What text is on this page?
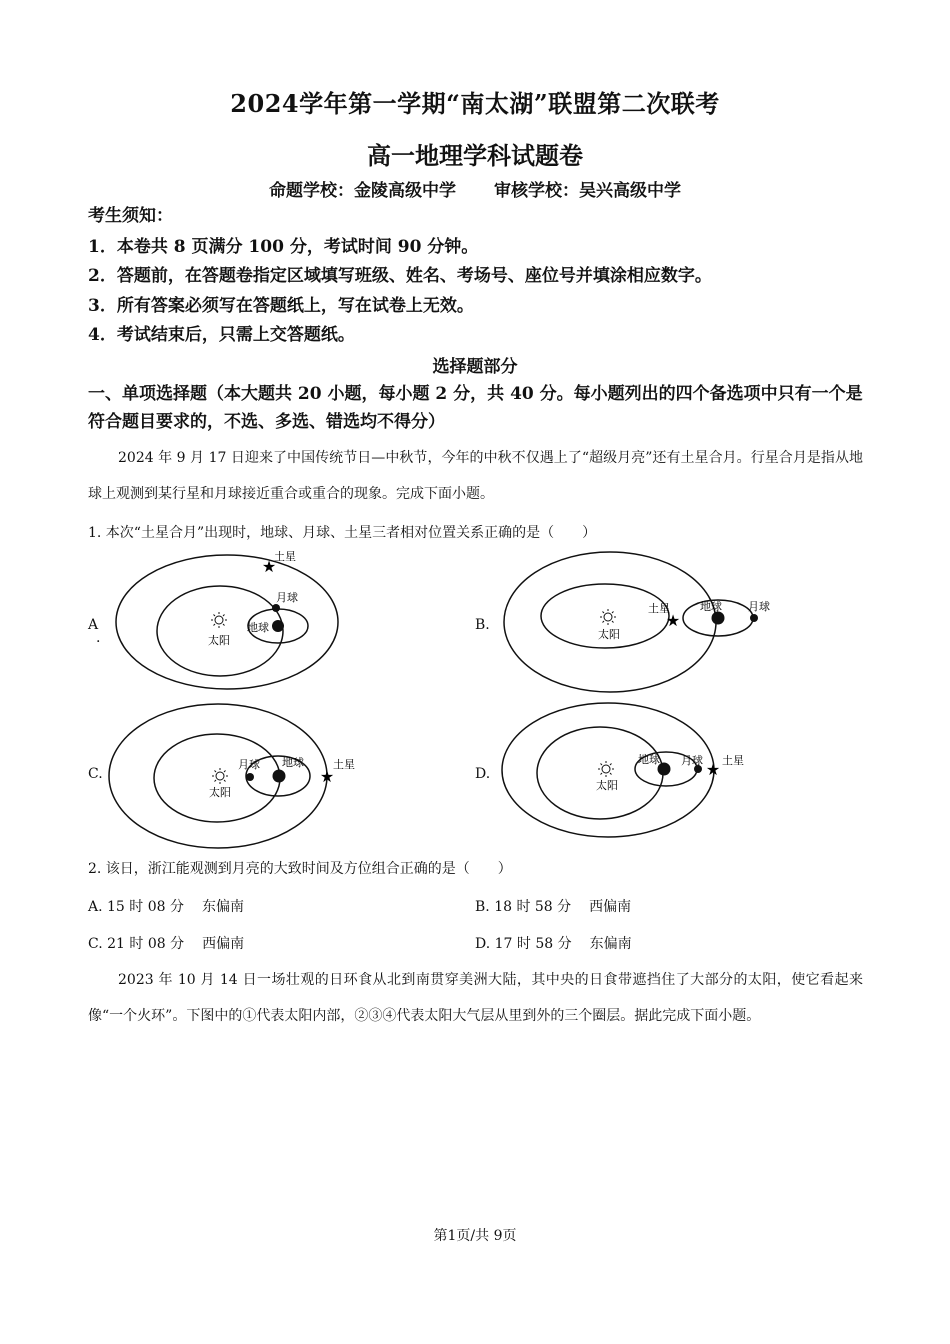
2024学年第一学期“南太湖”联盟第二次联考
高一地理学科试题卷
命题学校：金陵高级中学 审核学校：吴兴高级中学
考生须知：
1．本卷共 8 页满分 100 分，考试时间 90 分钟。
2．答题前，在答题卷指定区域填写班级、姓名、考场号、座位号并填涂相应数字。
3．所有答案必须写在答题纸上，写在试卷上无效。
4．考试结束后，只需上交答题纸。
选择题部分
一、单项选择题（本大题共 20 小题，每小题 2 分，共 40 分。每小题列出的四个备选项中只有一个是符合题目要求的，不选、多选、错选均不得分）
2024 年 9 月 17 日迎来了中国传统节日—中秋节，今年的中秋不仅遇上了“超级月亮”还有土星合月。行星合月是指从地球上观测到某行星和月球接近重合或重合的现象。完成下面小题。
1. 本次“土星合月”出现时，地球、月球、土星三者相对位置关系正确的是（　　）
A
.
B.
C.	D.
太阳
地球
月球
★
土星
太阳
★
土星	地球 月球
太阳
月球 地球
★
土星
太阳
地球 月球 ★ 土星
2. 该日，浙江能观测到月亮的大致时间及方位组合正确的是（　　）
A. 15 时 08 分 东偏南	B. 18 时 58 分 西偏南
C. 21 时 08 分 西偏南	D. 17 时 58 分 东偏南
2023 年 10 月 14 日一场壮观的日环食从北到南贯穿美洲大陆，其中央的日食带遮挡住了大部分的太阳，使它看起来像“一个火环”。下图中的①代表太阳内部，②③④代表太阳大气层从里到外的三个圈层。据此完成下面小题。
第1页/共 9页
